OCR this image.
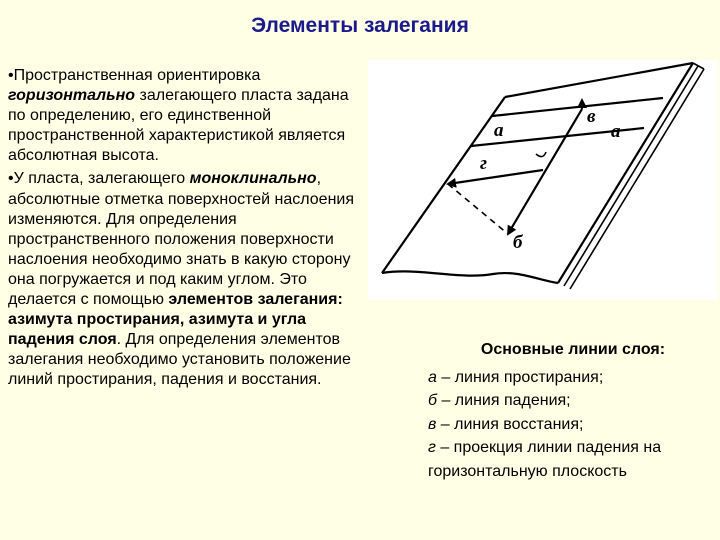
Элементы залегания

•Пространственная ориентировка горизонтально залегающего пласта задана по определению, его единственной пространственной характеристикой является абсолютная высота.

•У пласта, залегающего моноклинально, абсолютные отметка поверхностей наслоения изменяются. Для определения пространственного положения поверхности наслоения необходимо знать в какую сторону она погружается и под каким углом. Это делается с помощью элементов залегания: азимута простирания, азимута и угла падения слоя. Для определения элементов залегания необходимо установить положение линий простирания, падения и восстания.

а
в
а
г
б
Основные линии слоя:
а – линия простирания;
б – линия падения;
в – линия восстания;
г – проекция линии падения на горизонтальную плоскость
